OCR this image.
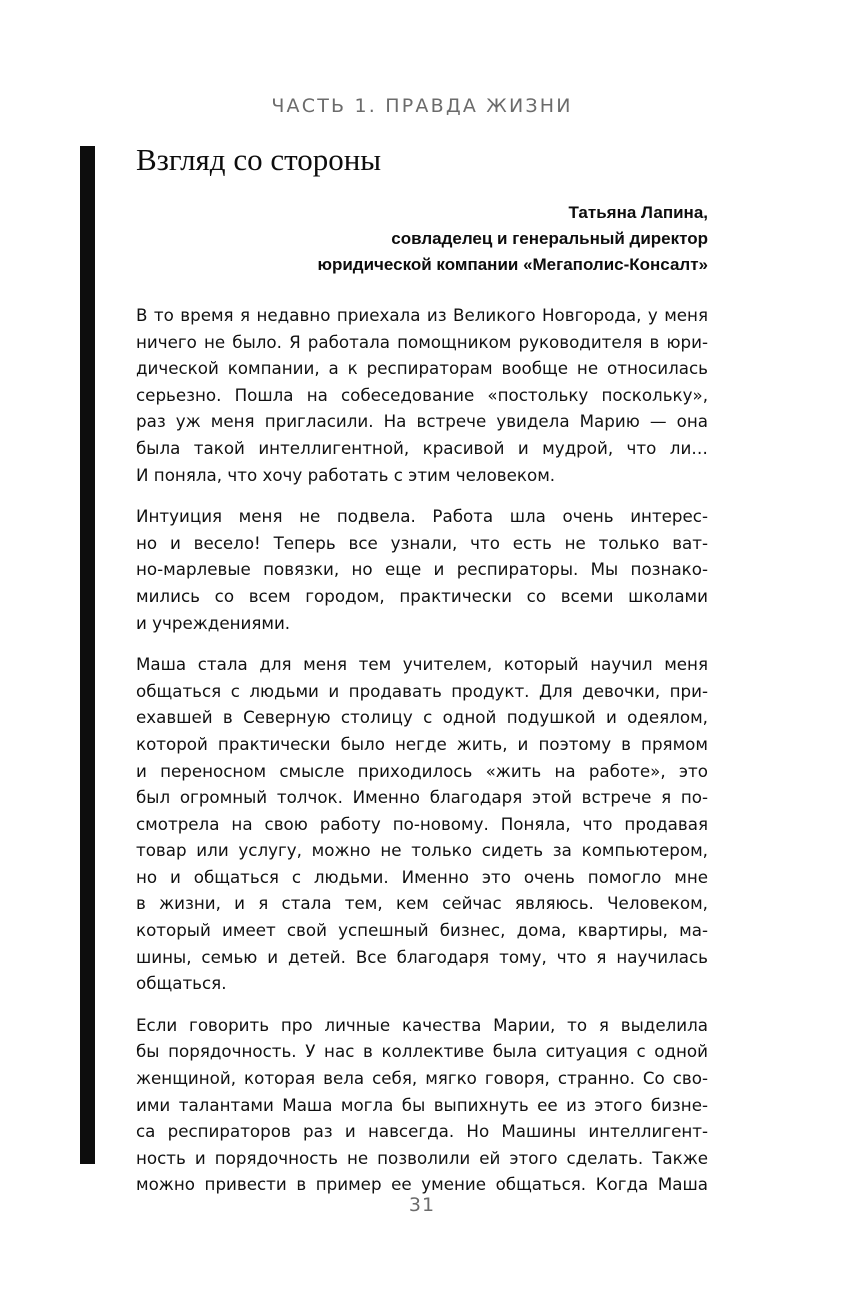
ЧАСТЬ 1. ПРАВДА ЖИЗНИ
Взгляд со стороны
Татьяна Лапина,
совладелец и генеральный директор
юридической компании «Мегаполис-Консалт»
В то время я недавно приехала из Великого Новгорода, у меня
ничего не было. Я работала помощником руководителя в юри-
дической компании, а к респираторам вообще не относилась
серьезно. Пошла на собеседование «постольку поскольку»,
раз уж меня пригласили. На встрече увидела Марию — она
была такой интеллигентной, красивой и мудрой, что ли…
И поняла, что хочу работать с этим человеком.
Интуиция меня не подвела. Работа шла очень интерес-
но и весело! Теперь все узнали, что есть не только ват-
но-марлевые повязки, но еще и респираторы. Мы познако-
мились со всем городом, практически со всеми школами
и учреждениями.
Маша стала для меня тем учителем, который научил меня
общаться с людьми и продавать продукт. Для девочки, при-
ехавшей в Северную столицу с одной подушкой и одеялом,
которой практически было негде жить, и поэтому в прямом
и переносном смысле приходилось «жить на работе», это
был огромный толчок. Именно благодаря этой встрече я по-
смотрела на свою работу по-новому. Поняла, что продавая
товар или услугу, можно не только сидеть за компьютером,
но и общаться с людьми. Именно это очень помогло мне
в жизни, и я стала тем, кем сейчас являюсь. Человеком,
который имеет свой успешный бизнес, дома, квартиры, ма-
шины, семью и детей. Все благодаря тому, что я научилась
общаться.
Если говорить про личные качества Марии, то я выделила
бы порядочность. У нас в коллективе была ситуация с одной
женщиной, которая вела себя, мягко говоря, странно. Со сво-
ими талантами Маша могла бы выпихнуть ее из этого бизне-
са респираторов раз и навсегда. Но Машины интеллигент-
ность и порядочность не позволили ей этого сделать. Также
можно привести в пример ее умение общаться. Когда Маша
31
